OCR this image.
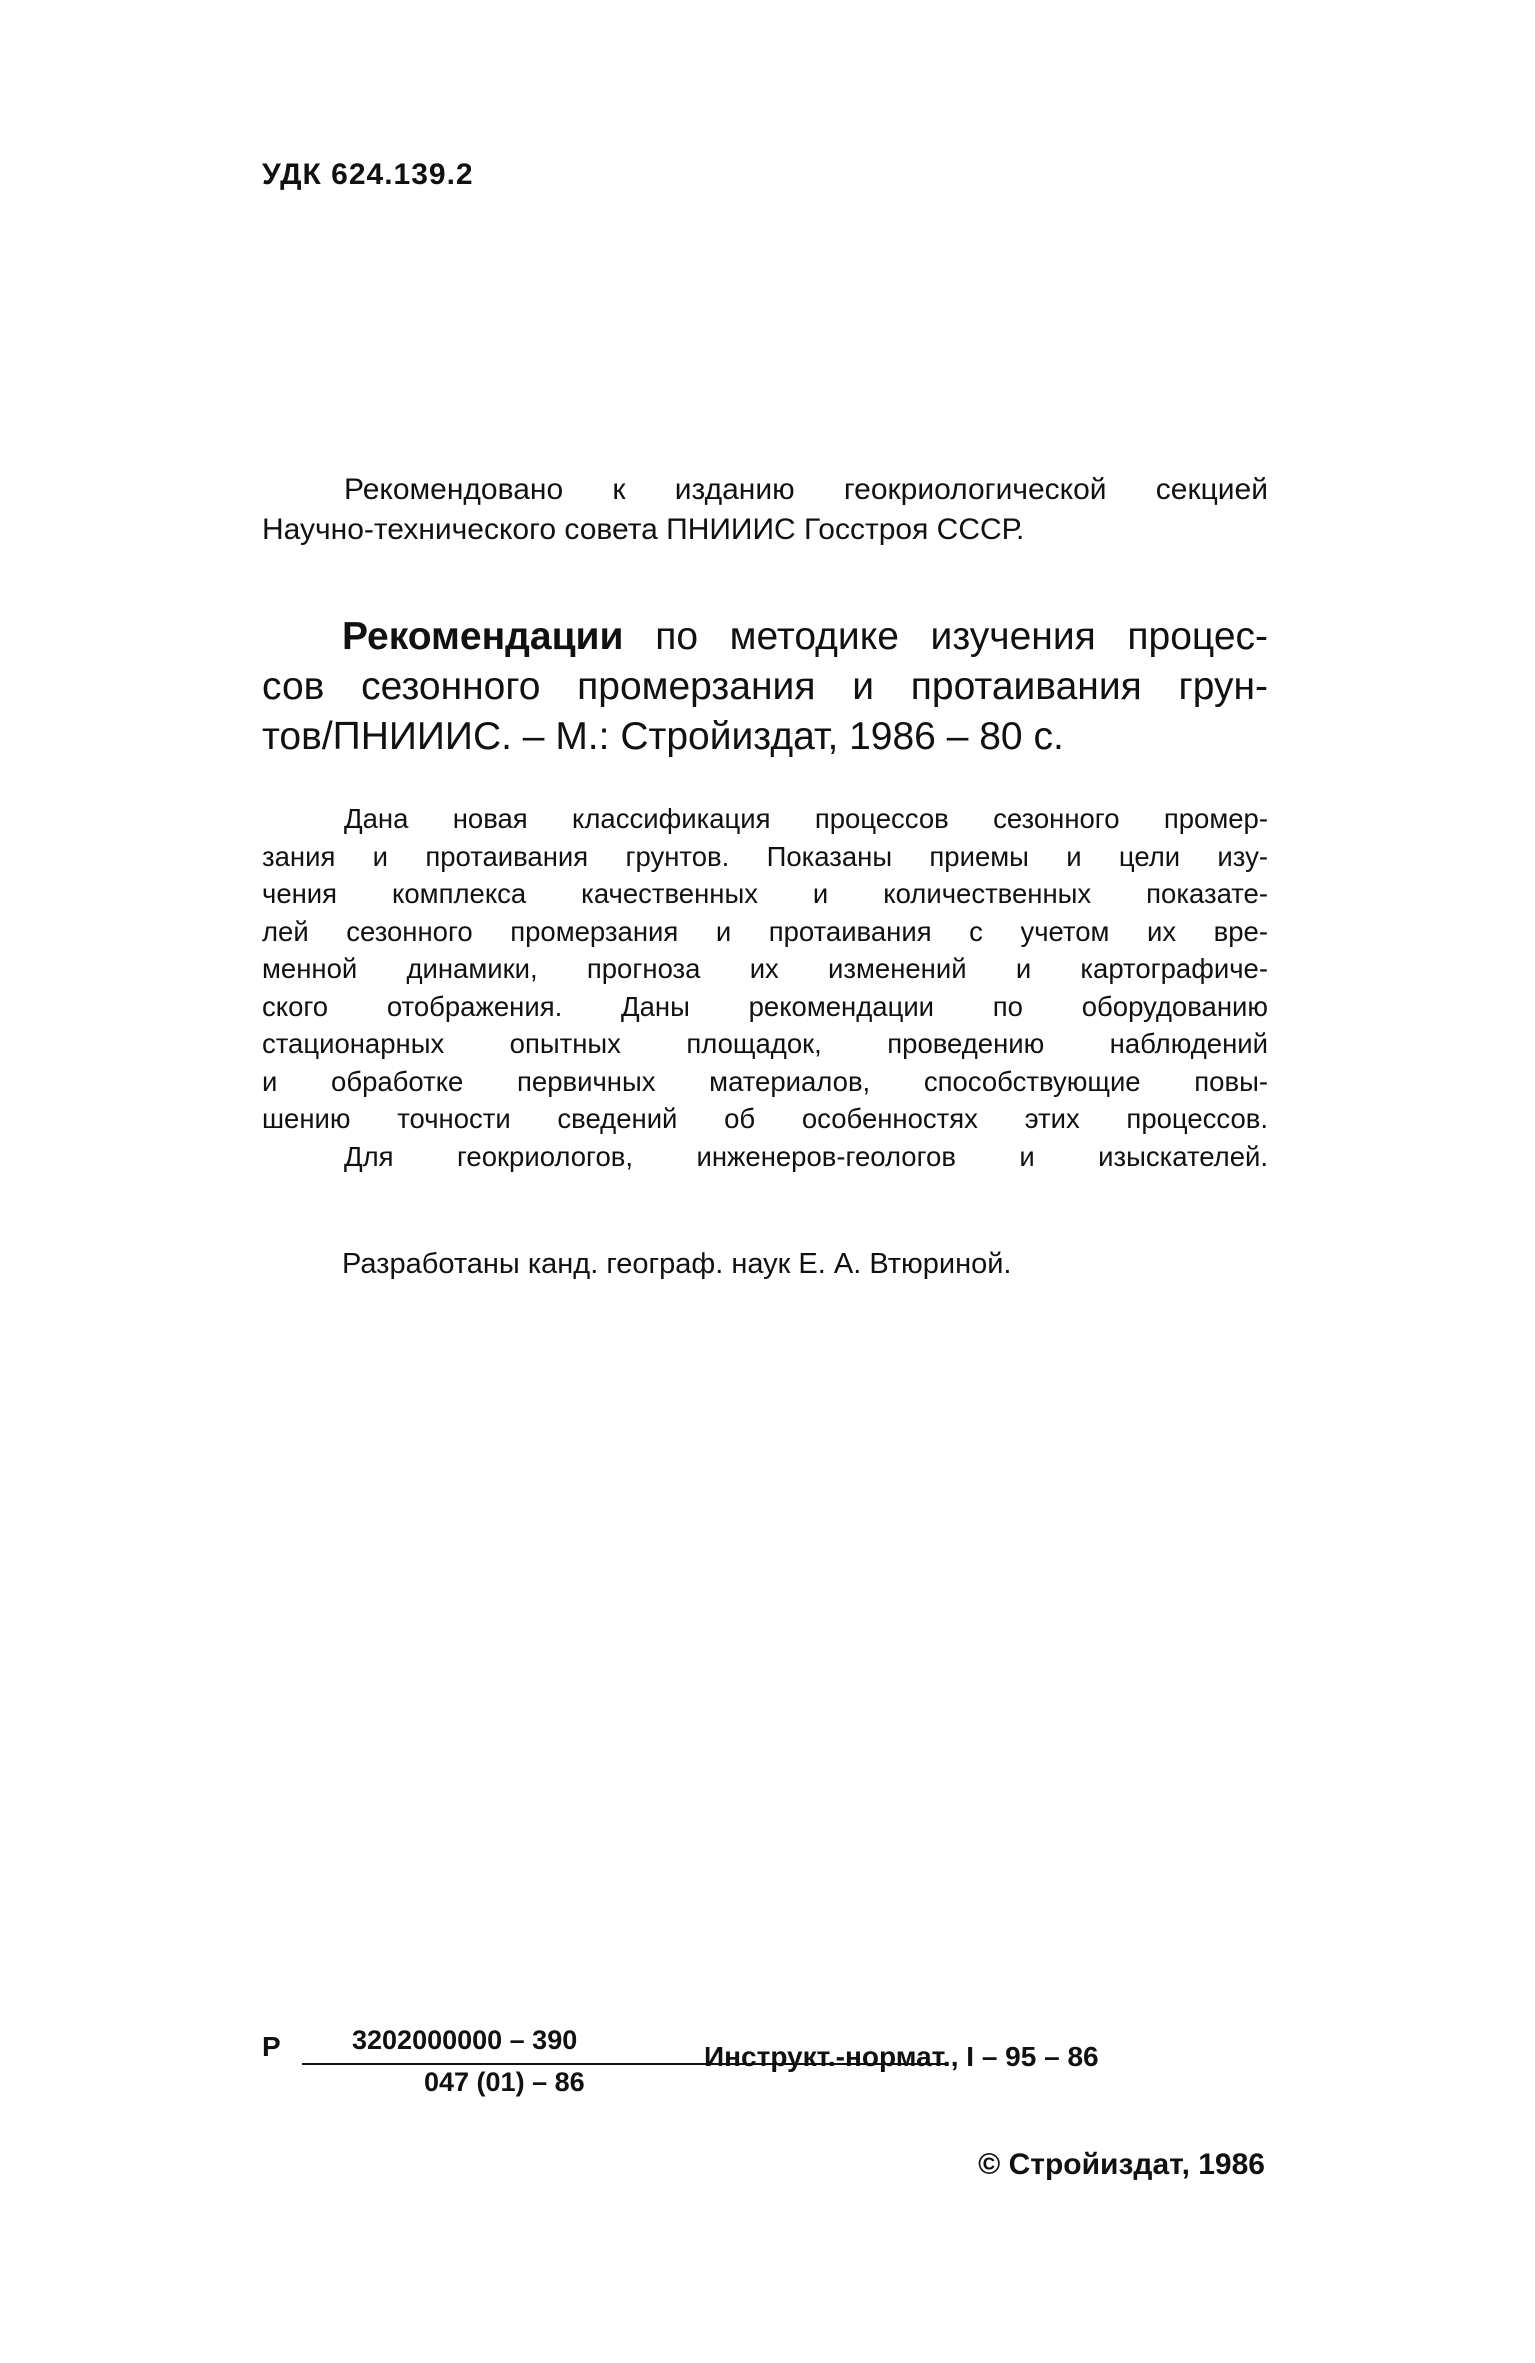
УДК 624.139.2
Рекомендовано к изданию геокриологической секцией
Научно-технического совета ПНИИИС Госстроя СССР.
Рекомендации по методике изучения процес-
сов сезонного промерзания и протаивания грун-
тов/ПНИИИС. – М.: Стройиздат, 1986 – 80 с.
Дана новая классификация процессов сезонного промер-
зания и протаивания грунтов. Показаны приемы и цели изу-
чения комплекса качественных и количественных показате-
лей сезонного промерзания и протаивания с учетом их вре-
менной динамики, прогноза их изменений и картографиче-
ского отображения. Даны рекомендации по оборудованию
стационарных опытных площадок, проведению наблюдений
и обработке первичных материалов, способствующие повы-
шению точности сведений об особенностях этих процессов.
Для геокриологов, инженеров-геологов и изыскателей.
Разработаны канд. географ. наук Е. А. Втюриной.
Р	3202000000 – 390
047 (01) – 86
Инструкт.-нормат., I – 95 – 86
© Стройиздат, 1986
